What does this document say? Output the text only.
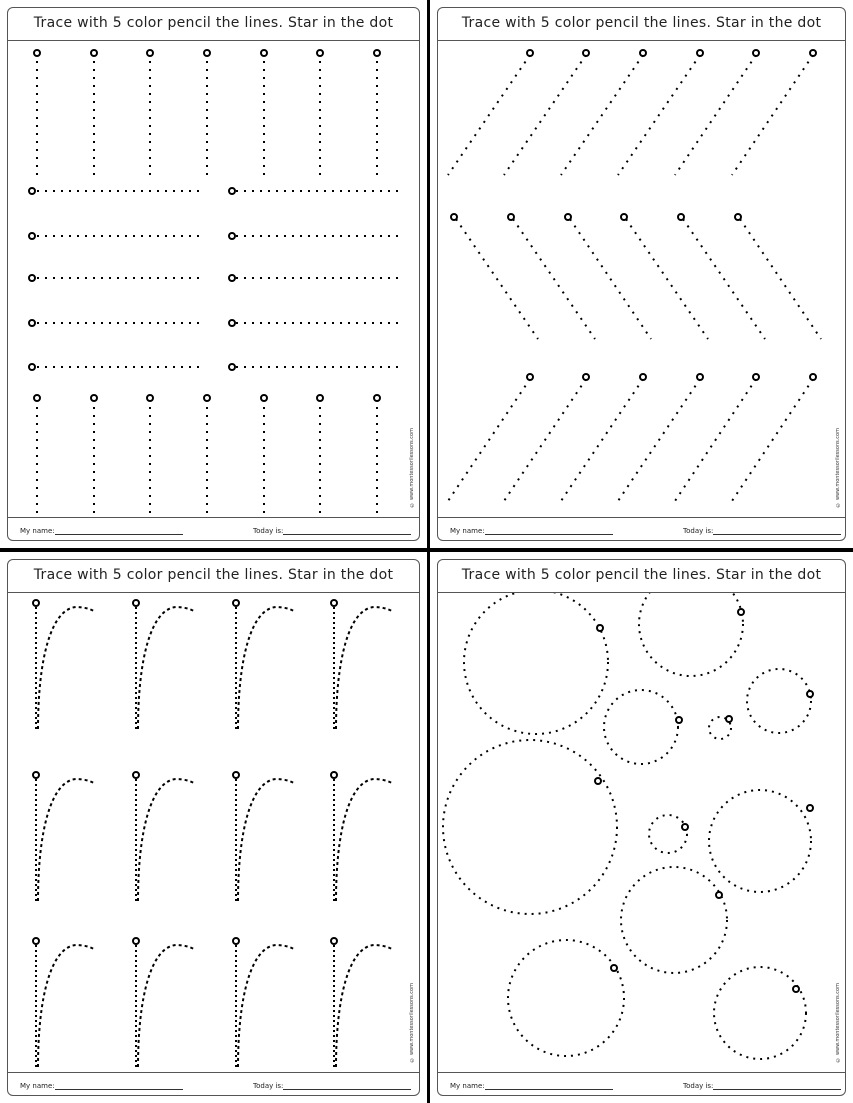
Trace with 5 color pencil the lines. Star in the dot
© www.montessorilessons.com
My name:	Today is:
Trace with 5 color pencil the lines. Star in the dot
© www.montessorilessons.com
My name:	Today is:
Trace with 5 color pencil the lines. Star in the dot
© www.montessorilessons.com
My name:	Today is:
Trace with 5 color pencil the lines. Star in the dot
© www.montessorilessons.com
My name:	Today is:
